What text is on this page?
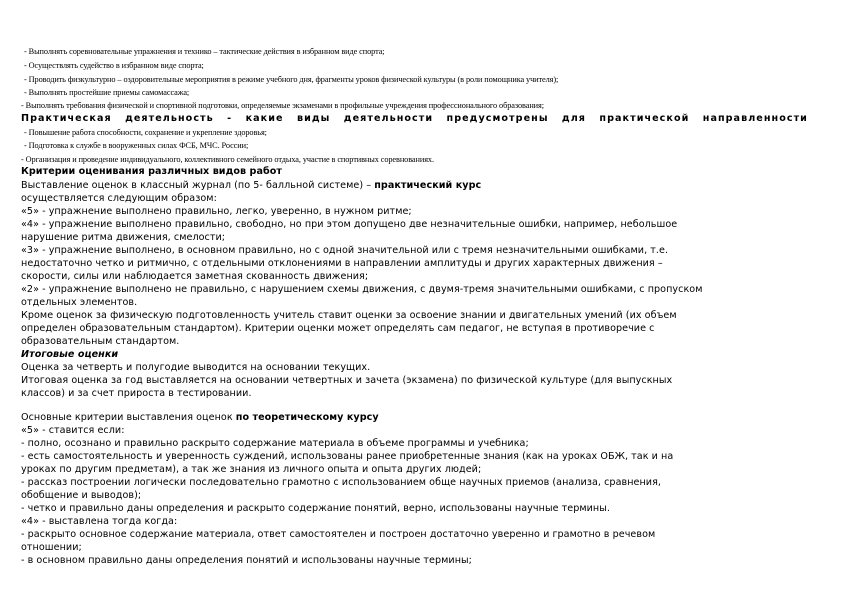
- Выполнять соревновательные упражнения и технико – тактические действия в избранном виде спорта;

- Осуществлять судейство в избранном виде спорта;

- Проводить физкультурно – оздоровительные мероприятия в режиме учебного дня, фрагменты уроков физической культуры (в роли помощника учителя);

- Выполнять простейшие приемы самомассажа;

- Выполнять требования физической и спортивной подготовки, определяемые экзаменами в профильные учреждения профессионального образования;

Практическая деятельность - какие виды деятельности предусмотрены для практической направленности

- Повышение работа способности, сохранение и укрепление здоровья;

- Подготовка к службе в вооруженных силах ФСБ, МЧС. России;

- Организация и проведение индивидуального, коллективного семейного отдыха, участие в спортивных соревнованиях.

Критерии оценивания различных видов работ

Выставление оценок в классный журнал (по 5- балльной системе) – практический курс

осуществляется следующим образом:

«5» - упражнение выполнено правильно, легко, уверенно, в нужном ритме;

«4» - упражнение выполнено правильно, свободно, но при этом допущено две незначительные ошибки, например, небольшое

нарушение ритма движения, смелости;

«3» - упражнение выполнено, в основном правильно, но с одной значительной или с тремя незначительными ошибками, т.е.

недостаточно четко и ритмично, с отдельными отклонениями в направлении амплитуды и других характерных движения –

скорости, силы или наблюдается заметная скованность движения;

«2» - упражнение выполнено не правильно, с нарушением схемы движения, с двумя-тремя значительными ошибками, с пропуском

отдельных элементов.

Кроме оценок за физическую подготовленность учитель ставит оценки за освоение знании и двигательных умений (их объем

определен образовательным стандартом). Критерии оценки может определять сам педагог, не вступая в противоречие с

образовательным стандартом.

Итоговые оценки

Оценка за четверть и полугодие выводится на основании текущих.

Итоговая оценка за год выставляется на основании четвертных и зачета (экзамена) по физической культуре (для выпускных

классов) и за счет прироста в тестировании.

Основные критерии выставления оценок по теоретическому курсу

«5» - ставится если:

- полно, осознано и правильно раскрыто содержание материала в объеме программы и учебника;

- есть самостоятельность и уверенность суждений, использованы ранее приобретенные знания (как на уроках ОБЖ, так и на

уроках по другим предметам), а так же знания из личного опыта и опыта других людей;

- рассказ построении логически последовательно грамотно с использованием обще научных приемов (анализа, сравнения,

обобщение и выводов);

- четко и правильно даны определения и раскрыто содержание понятий, верно, использованы научные термины.

«4» - выставлена тогда когда:

- раскрыто основное содержание материала, ответ самостоятелен и построен достаточно уверенно и грамотно в речевом

отношении;

- в основном правильно даны определения понятий и использованы научные термины;
